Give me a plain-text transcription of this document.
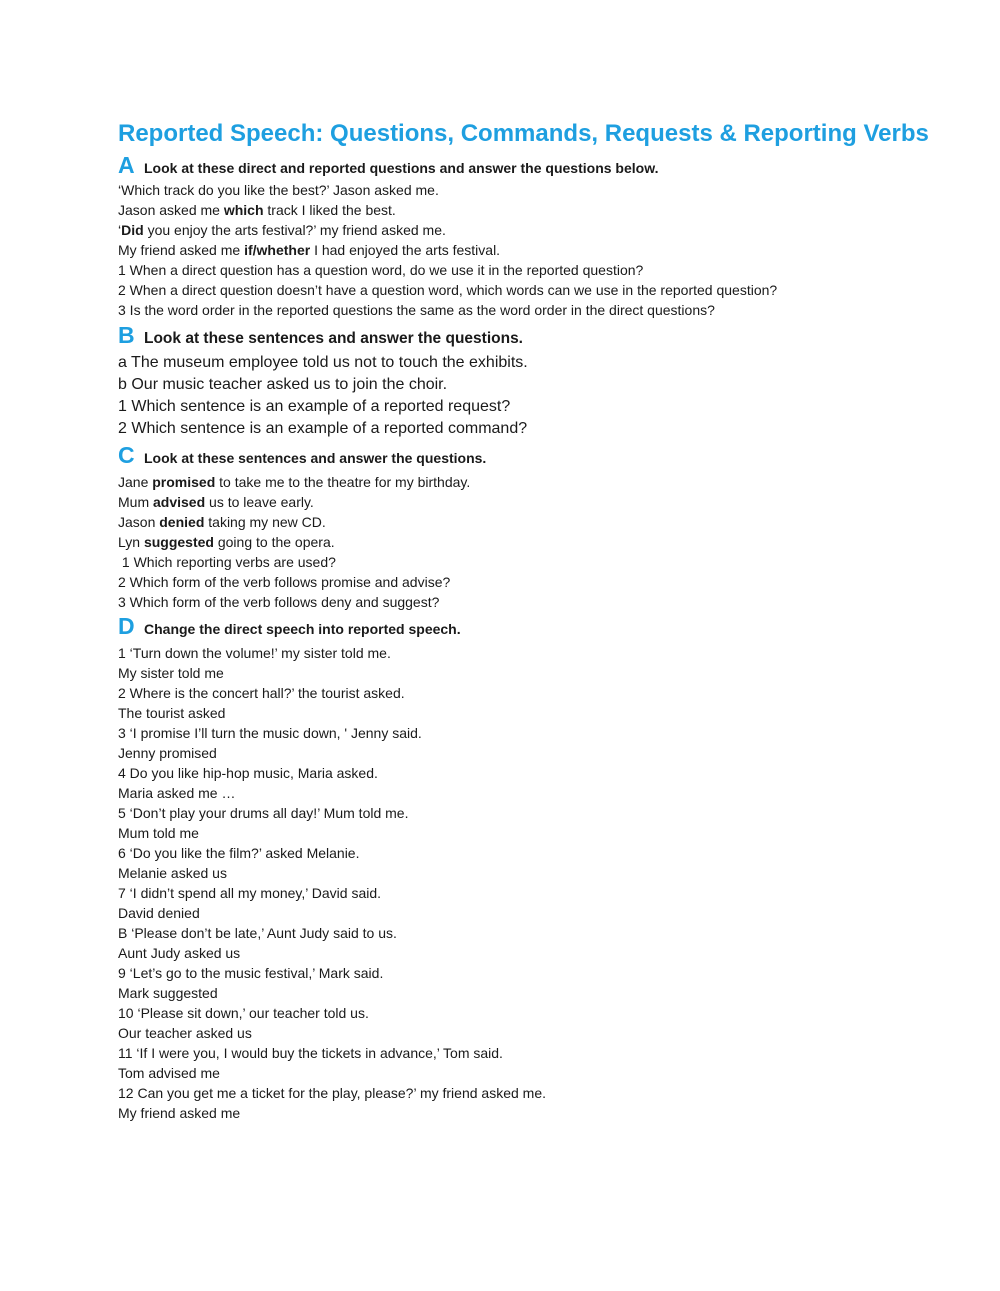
Reported Speech: Questions, Commands, Requests & Reporting Verbs
A Look at these direct and reported questions and answer the questions below.

‘Which track do you like the best?’ Jason asked me.

Jason asked me which track I liked the best.

‘Did you enjoy the arts festival?’ my friend asked me.

My friend asked me if/whether I had enjoyed the arts festival.

1 When a direct question has a question word, do we use it in the reported question?

2 When a direct question doesn’t have a question word, which words can we use in the reported question?

3 Is the word order in the reported questions the same as the word order in the direct questions?

B Look at these sentences and answer the questions.

a The museum employee told us not to touch the exhibits.

b Our music teacher asked us to join the choir.

1 Which sentence is an example of a reported request?

2 Which sentence is an example of a reported command?

C Look at these sentences and answer the questions.

Jane promised to take me to the theatre for my birthday.

Mum advised us to leave early.

Jason denied taking my new CD.

Lyn suggested going to the opera.

1 Which reporting verbs are used?

2 Which form of the verb follows promise and advise?

3 Which form of the verb follows deny and suggest?

D Change the direct speech into reported speech.

1 ‘Turn down the volume!’ my sister told me.

My sister told me

2 Where is the concert hall?’ the tourist asked.

The tourist asked

3 ‘I promise I’ll turn the music down, ' Jenny said.

Jenny promised

4 Do you like hip-hop music, Maria asked.

Maria asked me …

5 ‘Don’t play your drums all day!’ Mum told me.

Mum told me

6 ‘Do you like the film?’ asked Melanie.

Melanie asked us

7 ‘I didn’t spend all my money,’ David said.

David denied

B ‘Please don’t be late,’ Aunt Judy said to us.

Aunt Judy asked us

9 ‘Let’s go to the music festival,’ Mark said.

Mark suggested

10 ‘Please sit down,’ our teacher told us.

Our teacher asked us

11 ‘If I were you, I would buy the tickets in advance,’ Tom said.

Tom advised me

12 Can you get me a ticket for the play, please?’ my friend asked me.

My friend asked me
